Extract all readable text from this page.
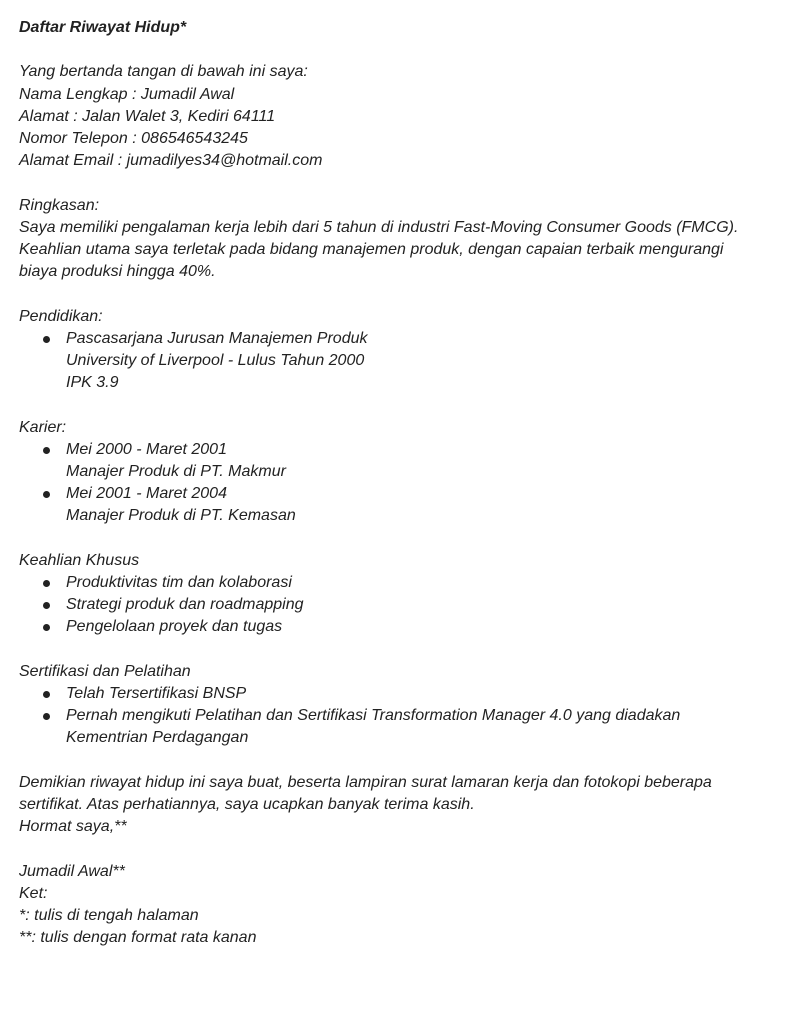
Daftar Riwayat Hidup*

Yang bertanda tangan di bawah ini saya:

Nama Lengkap : Jumadil Awal

Alamat : Jalan Walet 3, Kediri 64111

Nomor Telepon : 086546543245

Alamat Email : jumadilyes34@hotmail.com

Ringkasan:

Saya memiliki pengalaman kerja lebih dari 5 tahun di industri Fast-Moving Consumer Goods (FMCG). Keahlian utama saya terletak pada bidang manajemen produk, dengan capaian terbaik mengurangi biaya produksi hingga 40%.

Pendidikan:

Pascasarjana Jurusan Manajemen Produk
University of Liverpool - Lulus Tahun 2000
IPK 3.9

Karier:

Mei 2000 - Maret 2001
Manajer Produk di PT. Makmur
Mei 2001 - Maret 2004
Manajer Produk di PT. Kemasan

Keahlian Khusus

Produktivitas tim dan kolaborasi
Strategi produk dan roadmapping
Pengelolaan proyek dan tugas

Sertifikasi dan Pelatihan

Telah Tersertifikasi BNSP
Pernah mengikuti Pelatihan dan Sertifikasi Transformation Manager 4.0 yang diadakan Kementrian Perdagangan

Demikian riwayat hidup ini saya buat, beserta lampiran surat lamaran kerja dan fotokopi beberapa sertifikat. Atas perhatiannya, saya ucapkan banyak terima kasih.

Hormat saya,**

Jumadil Awal**

Ket:

*: tulis di tengah halaman

**: tulis dengan format rata kanan
